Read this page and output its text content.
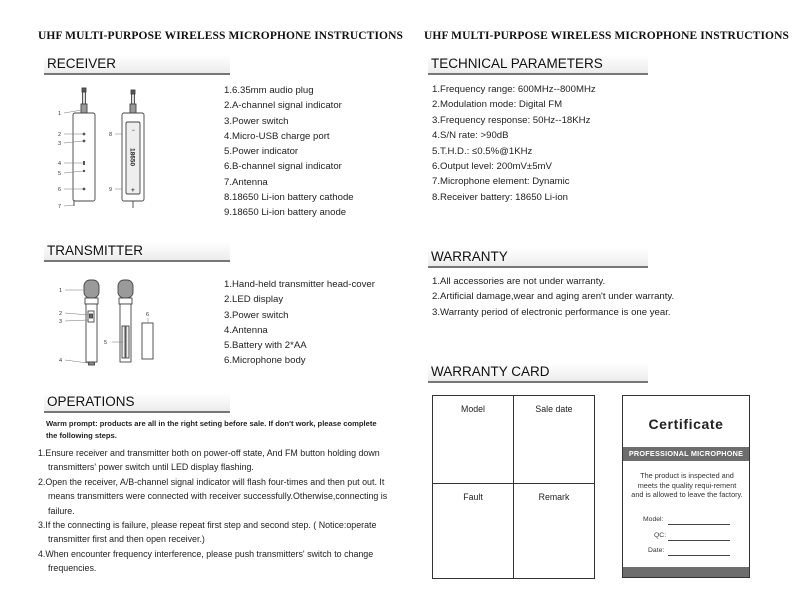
UHF MULTI-PURPOSE WIRELESS MICROPHONE INSTRUCTIONS UHF MULTI-PURPOSE WIRELESS MICROPHONE INSTRUCTIONS
RECEIVER
1
2
3
4
5
6
7
8
9
18650
−
+
1.6.35mm audio plug
2.A-channel signal indicator
3.Power switch
4.Micro-USB charge port
5.Power indicator
6.B-channel signal indicator
7.Antenna
8.18650 Li-ion battery cathode
9.18650 Li-ion battery anode
TRANSMITTER
1
2
3
4
5
6
1.Hand-held transmitter head-cover
2.LED display
3.Power switch
4.Antenna
5.Battery with 2*AA
6.Microphone body
OPERATIONS
Warm prompt: products are all in the right seting before sale. If don't work, please complete the following steps.
1.Ensure receiver and transmitter both on power-off state, And FM button holding down transmitters' power switch until LED display flashing.
2.Open the receiver, A/B-channel signal indicator will flash four-times and then put out. It means transmitters were connected with receiver successfully.Otherwise,connecting is failure.
3.If the connecting is failure, please repeat first step and second step. ( Notice:operate transmitter first and then open receiver.)
4.When encounter frequency interference, please push transmitters' switch to change frequencies.
TECHNICAL PARAMETERS
1.Frequency range: 600MHz--800MHz
2.Modulation mode: Digital FM
3.Frequency response: 50Hz--18KHz
4.S/N rate: >90dB
5.T.H.D.: ≤0.5%@1KHz
6.Output level: 200mV±5mV
7.Microphone element: Dynamic
8.Receiver battery: 18650 Li-ion
WARRANTY
1.All accessories are not under warranty.
2.Artificial damage,wear and aging aren't under warranty.
3.Warranty period of electronic performance is one year.
WARRANTY CARD
Model	Sale date
Fault	Remark
Certificate
PROFESSIONAL MICROPHONE
The product is inspected and meets the quality requi-rement and is allowed to leave the factory.
Model:
QC:
Date:
